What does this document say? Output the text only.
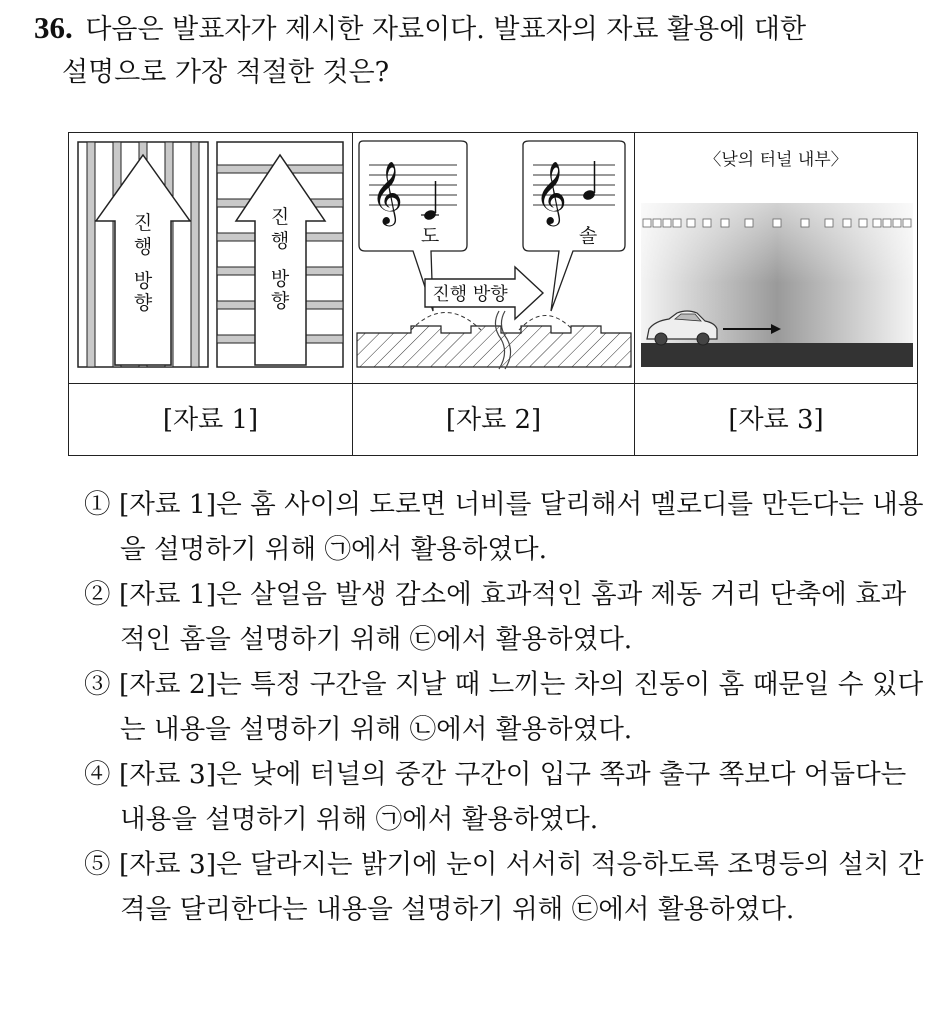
36. 다음은 발표자가 제시한 자료이다. 발표자의 자료 활용에 대한
설명으로 가장 적절한 것은?
진
행
방
향
진
행
방
향
𝄞 𝄞
도	솔
진행 방향
〈낮의 터널 내부〉
[자료 1]	[자료 2]	[자료 3]
① [자료 1]은 홈 사이의 도로면 너비를 달리해서 멜로디를 만든다는 내용을 설명하기 위해 ㉠에서 활용하였다.
② [자료 1]은 살얼음 발생 감소에 효과적인 홈과 제동 거리 단축에 효과적인 홈을 설명하기 위해 ㉢에서 활용하였다.
③ [자료 2]는 특정 구간을 지날 때 느끼는 차의 진동이 홈 때문일 수 있다는 내용을 설명하기 위해 ㉡에서 활용하였다.
④ [자료 3]은 낮에 터널의 중간 구간이 입구 쪽과 출구 쪽보다 어둡다는 내용을 설명하기 위해 ㉠에서 활용하였다.
⑤ [자료 3]은 달라지는 밝기에 눈이 서서히 적응하도록 조명등의 설치 간격을 달리한다는 내용을 설명하기 위해 ㉢에서 활용하였다.
